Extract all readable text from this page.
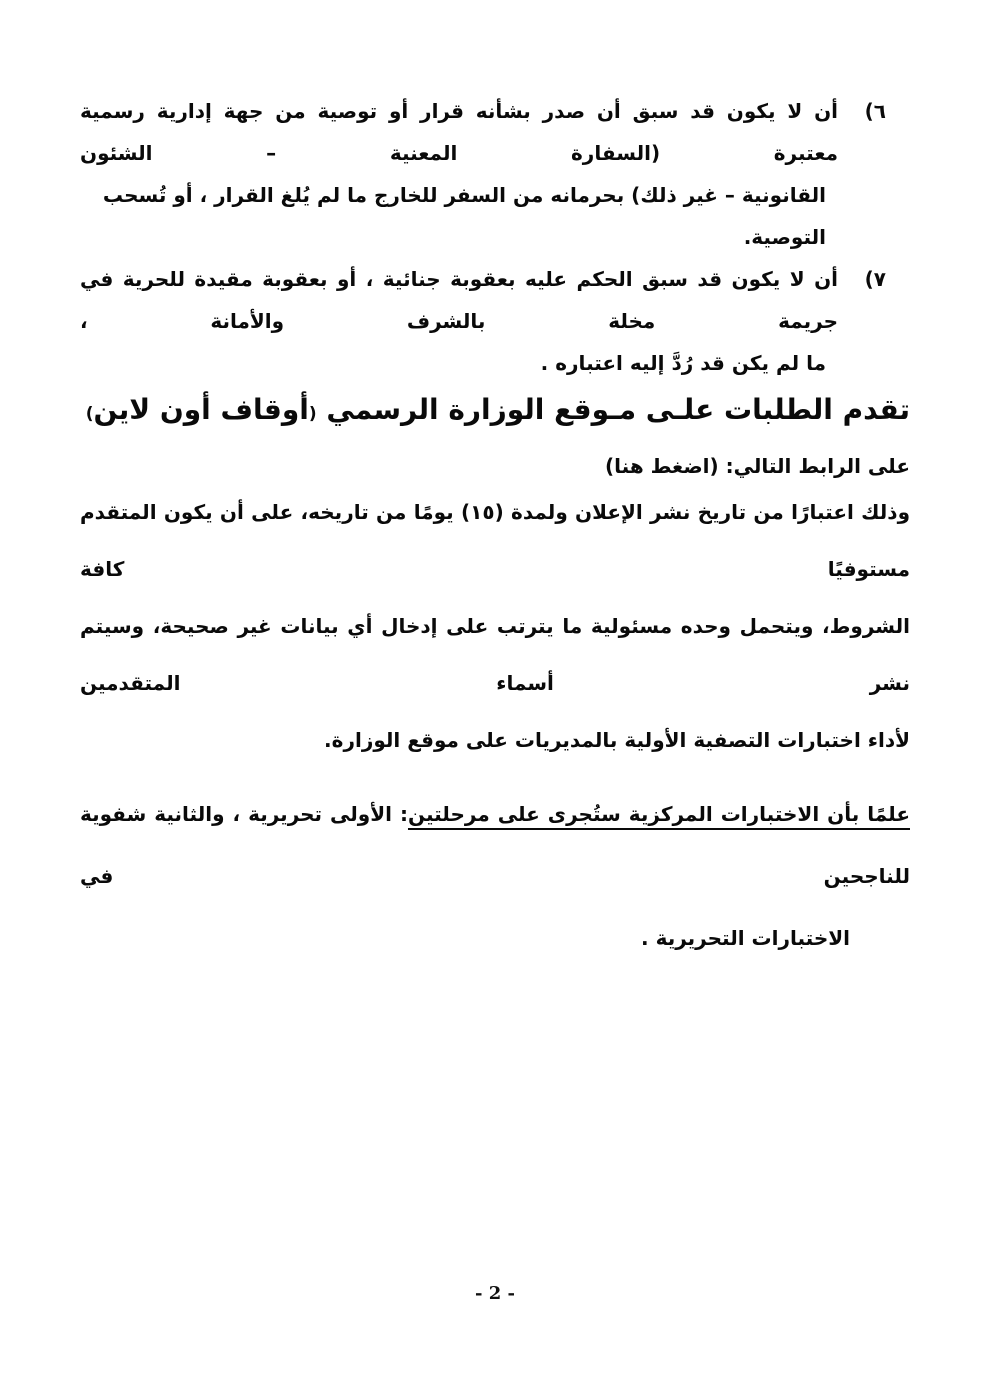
٦)
أن لا يكون قد سبق أن صدر بشأنه قرار أو توصية من جهة إدارية رسمية معتبرة (السفارة المعنية – الشئون
القانونية – غير ذلك) بحرمانه من السفر للخارج ما لم يُلغ القرار ، أو تُسحب التوصية.
٧)
أن لا يكون قد سبق الحكم عليه بعقوبة جنائية ، أو بعقوبة مقيدة للحرية في جريمة مخلة بالشرف والأمانة ،
ما لم يكن قد رُدَّ إليه اعتباره .
تقدم الطلبات علـى مـوقع الوزارة الرسمي (أوقاف أون لاين)
على الرابط التالي: (اضغط هنا)
وذلك اعتبارًا من تاريخ نشر الإعلان ولمدة (١٥) يومًا من تاريخه، على أن يكون المتقدم مستوفيًا كافة
الشروط، ويتحمل وحده مسئولية ما يترتب على إدخال أي بيانات غير صحيحة، وسيتم نشر أسماء المتقدمين
لأداء اختبارات التصفية الأولية بالمديريات على موقع الوزارة.
علمًا بأن الاختبارات المركزية ستُجرى على مرحلتين: الأولى تحريرية ، والثانية شفوية للناجحين في
الاختبارات التحريرية .
- 2 -
